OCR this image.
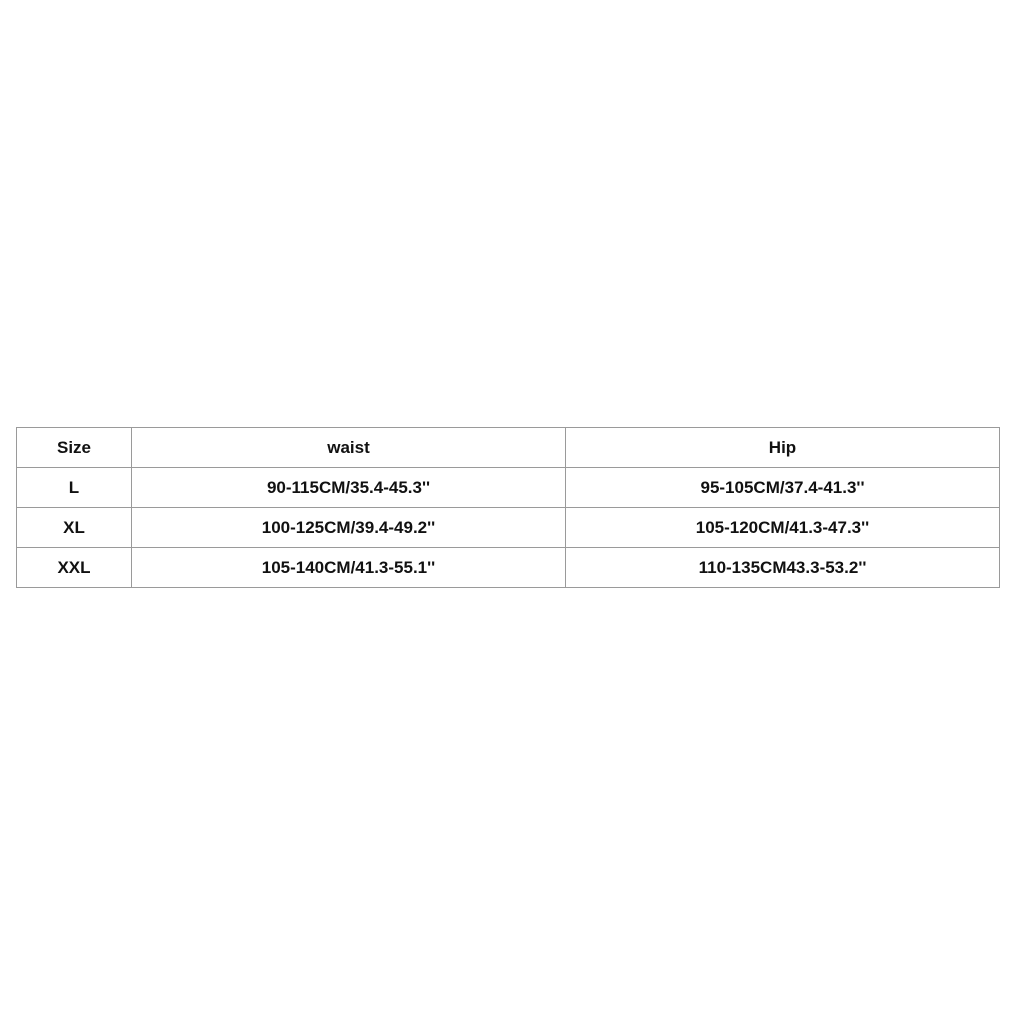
Size	waist	Hip
L	90-115CM/35.4-45.3''	95-105CM/37.4-41.3''
XL	100-125CM/39.4-49.2''	105-120CM/41.3-47.3''
XXL	105-140CM/41.3-55.1''	110-135CM43.3-53.2''
